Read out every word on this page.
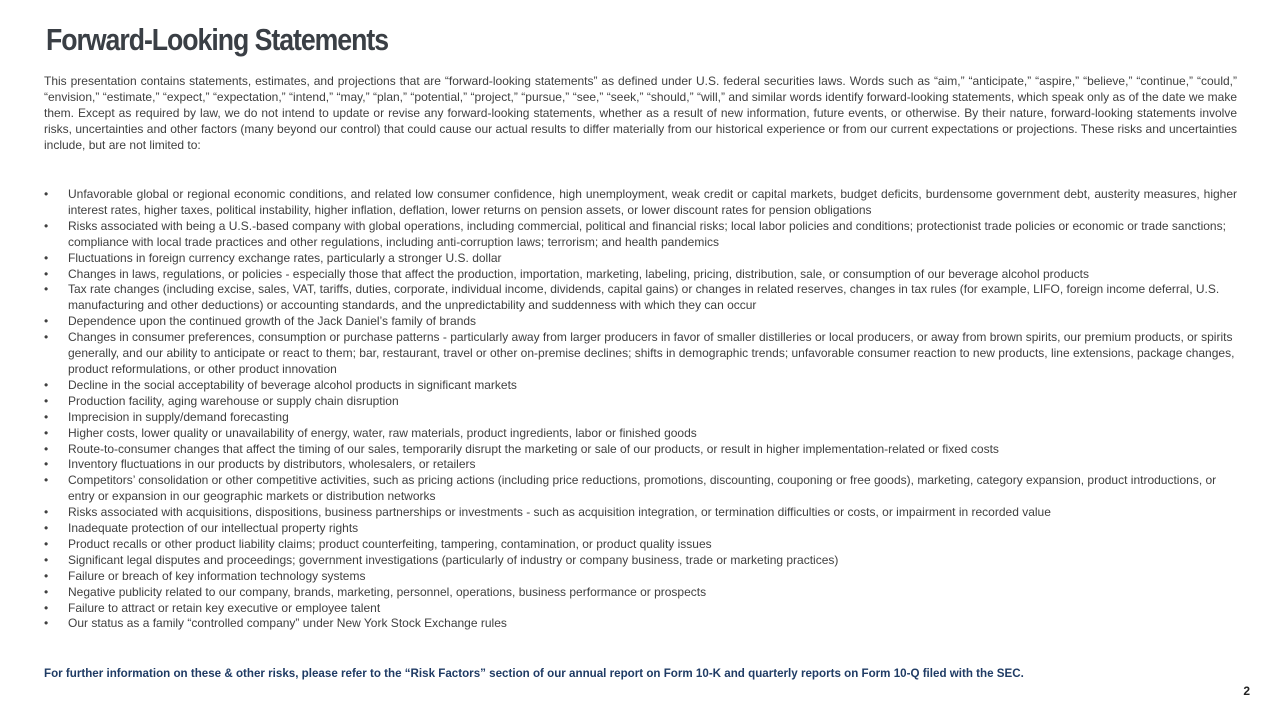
Forward-Looking Statements

This presentation contains statements, estimates, and projections that are “forward-looking statements” as defined under U.S. federal securities laws. Words such as “aim,” “anticipate,” “aspire,” “believe,” “continue,” “could,” “envision,” “estimate,” “expect,” “expectation,” “intend,” “may,” “plan,” “potential,” “project,” “pursue,” “see,” “seek,” “should,” “will,” and similar words identify forward-looking statements, which speak only as of the date we make them. Except as required by law, we do not intend to update or revise any forward-looking statements, whether as a result of new information, future events, or otherwise. By their nature, forward-looking statements involve risks, uncertainties and other factors (many beyond our control) that could cause our actual results to differ materially from our historical experience or from our current expectations or projections. These risks and uncertainties include, but are not limited to:

•	Unfavorable global or regional economic conditions, and related low consumer confidence, high unemployment, weak credit or capital markets, budget deficits, burdensome government debt, austerity measures, higher interest rates, higher taxes, political instability, higher inflation, deflation, lower returns on pension assets, or lower discount rates for pension obligations
•	Risks associated with being a U.S.-based company with global operations, including commercial, political and financial risks; local labor policies and conditions; protectionist trade policies or economic or trade sanctions; compliance with local trade practices and other regulations, including anti-corruption laws; terrorism; and health pandemics
•	Fluctuations in foreign currency exchange rates, particularly a stronger U.S. dollar
•	Changes in laws, regulations, or policies - especially those that affect the production, importation, marketing, labeling, pricing, distribution, sale, or consumption of our beverage alcohol products
•	Tax rate changes (including excise, sales, VAT, tariffs, duties, corporate, individual income, dividends, capital gains) or changes in related reserves, changes in tax rules (for example, LIFO, foreign income deferral, U.S. manufacturing and other deductions) or accounting standards, and the unpredictability and suddenness with which they can occur
•	Dependence upon the continued growth of the Jack Daniel’s family of brands
•	Changes in consumer preferences, consumption or purchase patterns - particularly away from larger producers in favor of smaller distilleries or local producers, or away from brown spirits, our premium products, or spirits generally, and our ability to anticipate or react to them; bar, restaurant, travel or other on-premise declines; shifts in demographic trends; unfavorable consumer reaction to new products, line extensions, package changes, product reformulations, or other product innovation
•	Decline in the social acceptability of beverage alcohol products in significant markets
•	Production facility, aging warehouse or supply chain disruption
•	Imprecision in supply/demand forecasting
•	Higher costs, lower quality or unavailability of energy, water, raw materials, product ingredients, labor or finished goods
•	Route-to-consumer changes that affect the timing of our sales, temporarily disrupt the marketing or sale of our products, or result in higher implementation-related or fixed costs
•	Inventory fluctuations in our products by distributors, wholesalers, or retailers
•	Competitors’ consolidation or other competitive activities, such as pricing actions (including price reductions, promotions, discounting, couponing or free goods), marketing, category expansion, product introductions, or entry or expansion in our geographic markets or distribution networks
•	Risks associated with acquisitions, dispositions, business partnerships or investments - such as acquisition integration, or termination difficulties or costs, or impairment in recorded value
•	Inadequate protection of our intellectual property rights
•	Product recalls or other product liability claims; product counterfeiting, tampering, contamination, or product quality issues
•	Significant legal disputes and proceedings; government investigations (particularly of industry or company business, trade or marketing practices)
•	Failure or breach of key information technology systems
•	Negative publicity related to our company, brands, marketing, personnel, operations, business performance or prospects
•	Failure to attract or retain key executive or employee talent
•	Our status as a family “controlled company” under New York Stock Exchange rules

For further information on these & other risks, please refer to the “Risk Factors” section of our annual report on Form 10-K and quarterly reports on Form 10-Q filed with the SEC.

2
